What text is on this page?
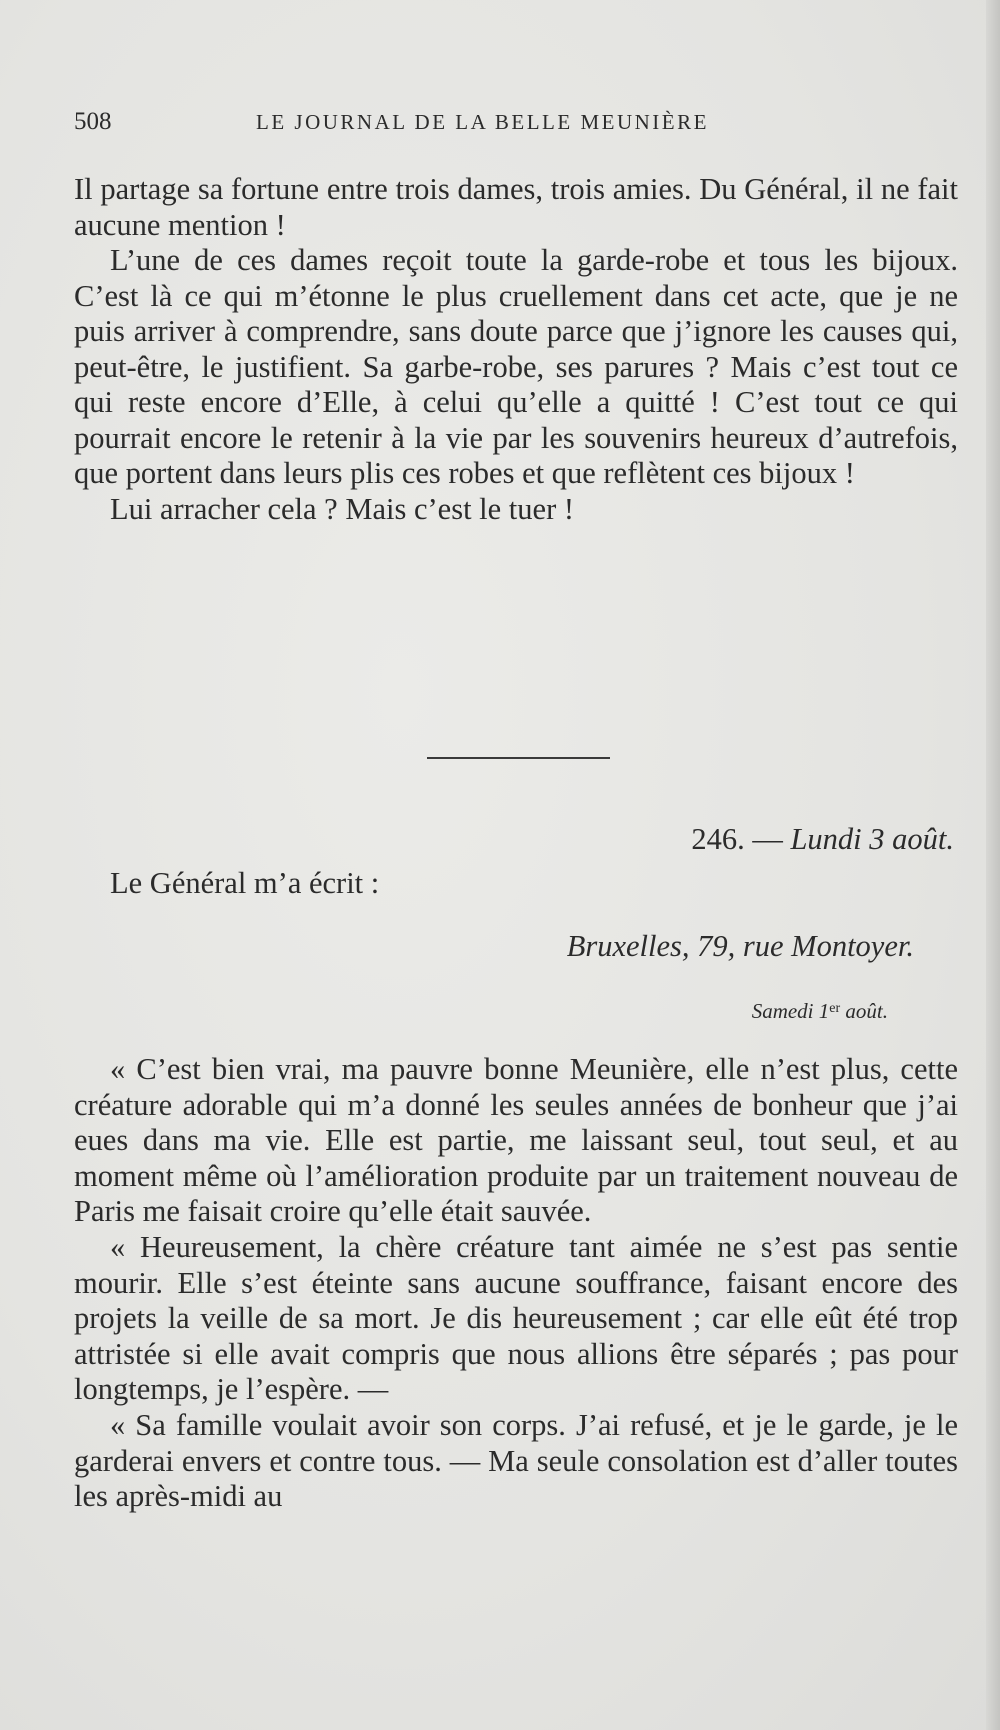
508	LE JOURNAL DE LA BELLE MEUNIÈRE

Il partage sa fortune entre trois dames, trois amies. Du Général, il ne fait aucune mention !

L’une de ces dames reçoit toute la garde-robe et tous les bijoux. C’est là ce qui m’étonne le plus cruellement dans cet acte, que je ne puis arriver à comprendre, sans doute parce que j’ignore les causes qui, peut-être, le justifient. Sa garbe-robe, ses parures ? Mais c’est tout ce qui reste encore d’Elle, à celui qu’elle a quitté ! C’est tout ce qui pourrait encore le retenir à la vie par les souvenirs heureux d’autrefois, que portent dans leurs plis ces robes et que reflètent ces bijoux !

Lui arracher cela ? Mais c’est le tuer !

246. — Lundi 3 août.
Le Général m’a écrit :
Bruxelles, 79, rue Montoyer.
Samedi 1er août.

« C’est bien vrai, ma pauvre bonne Meunière, elle n’est plus, cette créature adorable qui m’a donné les seules années de bonheur que j’ai eues dans ma vie. Elle est partie, me laissant seul, tout seul, et au moment même où l’amélioration produite par un traitement nouveau de Paris me faisait croire qu’elle était sauvée.

« Heureusement, la chère créature tant aimée ne s’est pas sentie mourir. Elle s’est éteinte sans aucune souffrance, faisant encore des projets la veille de sa mort. Je dis heureusement ; car elle eût été trop attristée si elle avait compris que nous allions être séparés ; pas pour longtemps, je l’espère. —

« Sa famille voulait avoir son corps. J’ai refusé, et je le garde, je le garderai envers et contre tous. — Ma seule consolation est d’aller toutes les après-midi au
